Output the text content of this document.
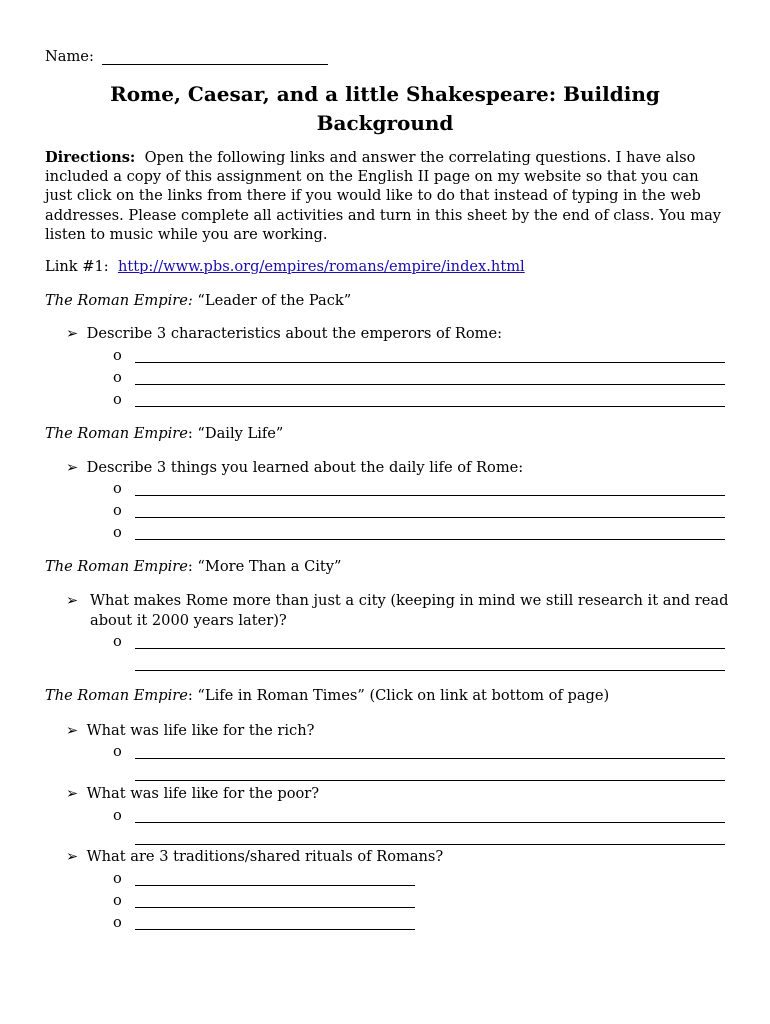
Name:
Rome, Caesar, and a little Shakespeare: Building Background
Directions: Open the following links and answer the correlating questions. I have also included a copy of this assignment on the English II page on my website so that you can just click on the links from there if you would like to do that instead of typing in the web addresses. Please complete all activities and turn in this sheet by the end of class. You may listen to music while you are working.
Link #1: http://www.pbs.org/empires/romans/empire/index.html
The Roman Empire: “Leader of the Pack”
➢ Describe 3 characteristics about the emperors of Rome:
o
o
o
The Roman Empire: “Daily Life”
➢ Describe 3 things you learned about the daily life of Rome:
o
o
o
The Roman Empire: “More Than a City”
➢ What makes Rome more than just a city (keeping in mind we still research it and read about it 2000 years later)?
o
The Roman Empire: “Life in Roman Times” (Click on link at bottom of page)
➢ What was life like for the rich?
o
➢ What was life like for the poor?
o
➢ What are 3 traditions/shared rituals of Romans?
o
o
o
